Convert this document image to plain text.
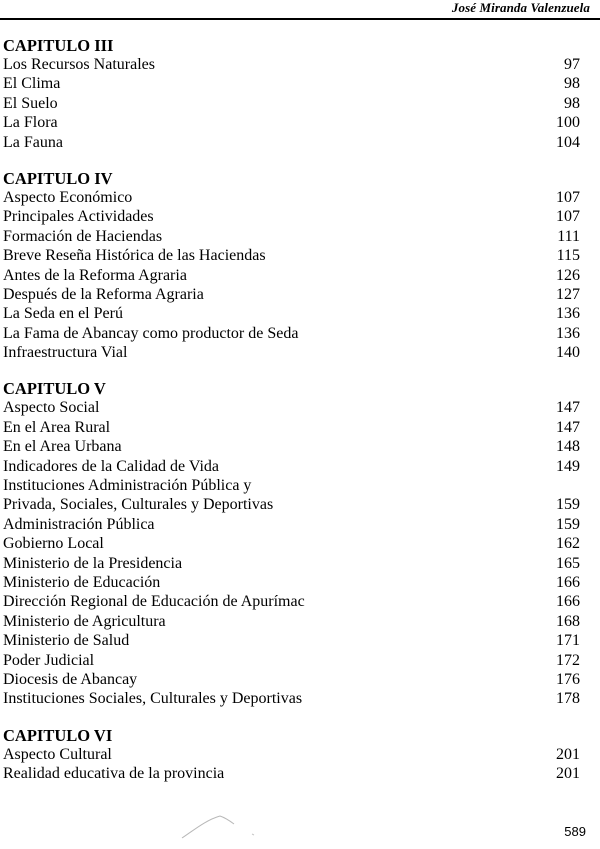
José Miranda Valenzuela
CAPITULO III
Los Recursos Naturales	97
El Clima	98
El Suelo	98
La Flora	100
La Fauna	104
CAPITULO IV
Aspecto Económico	107
Principales Actividades	107
Formación de Haciendas	111
Breve Reseña Histórica de las Haciendas	115
Antes de la Reforma Agraria	126
Después de la Reforma Agraria	127
La Seda en el Perú	136
La Fama de Abancay como productor de Seda	136
Infraestructura Vial	140
CAPITULO V
Aspecto Social	147
En el Area Rural	147
En el Area Urbana	148
Indicadores de la Calidad de Vida	149
Instituciones Administración Pública y
Privada, Sociales, Culturales y Deportivas	159
Administración Pública	159
Gobierno Local	162
Ministerio de la Presidencia	165
Ministerio de Educación	166
Dirección Regional de Educación de Apurímac	166
Ministerio de Agricultura	168
Ministerio de Salud	171
Poder Judicial	172
Diocesis de Abancay	176
Instituciones Sociales, Culturales y Deportivas	178
CAPITULO VI
Aspecto Cultural	201
Realidad educativa de la provincia	201
589
